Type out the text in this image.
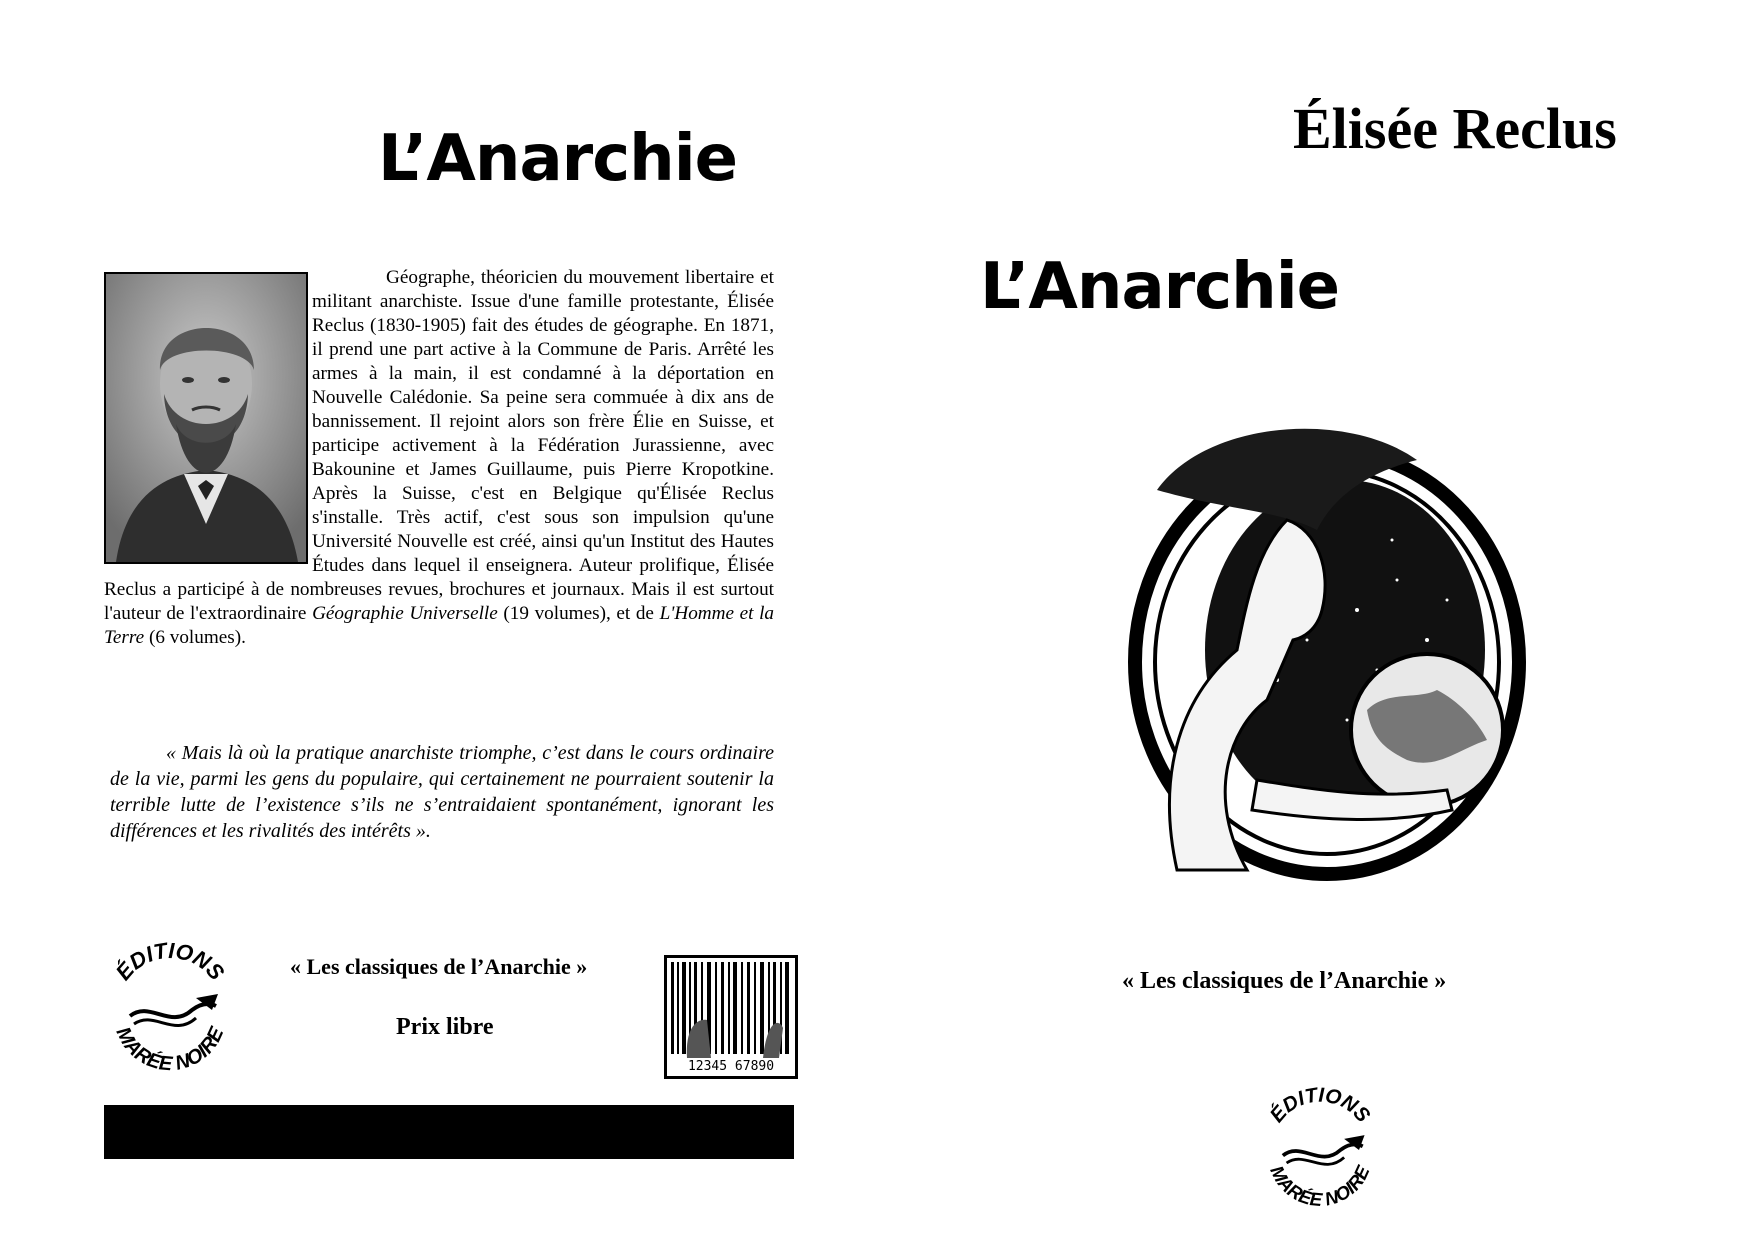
L’Anarchie

Géographe, théoricien du mouvement libertaire et militant anarchiste. Issue d'une famille protestante, Élisée Reclus (1830-1905) fait des études de géographe. En 1871, il prend une part active à la Commune de Paris. Arrêté les armes à la main, il est condamné à la déportation en Nouvelle Calédonie. Sa peine sera commuée à dix ans de bannissement. Il rejoint alors son frère Élie en Suisse, et participe activement à la Fédération Jurassienne, avec Bakounine et James Guillaume, puis Pierre Kropotkine. Après la Suisse, c'est en Belgique qu'Élisée Reclus s'installe. Très actif, c'est sous son impulsion qu'une Université Nouvelle est créé, ainsi qu'un Institut des Hautes Études dans lequel il enseignera. Auteur prolifique, Élisée Reclus a participé à de nombreuses revues, brochures et journaux. Mais il est surtout l'auteur de l'extraordinaire Géographie Universelle (19 volumes), et de L'Homme et la Terre (6 volumes).

« Mais là où la pratique anarchiste triomphe, c’est dans le cours ordinaire de la vie, parmi les gens du populaire, qui certainement ne pourraient soutenir la terrible lutte de l’existence s’ils ne s’entraidaient spontanément, ignorant les différences et les rivalités des intérêts ».
ÉDITIONS
MARÉE NOIRE
« Les classiques de l’Anarchie »
Prix libre
12345 67890
Élisée Reclus
L’Anarchie
« Les classiques de l’Anarchie »
ÉDITIONS
MARÉE NOIRE
